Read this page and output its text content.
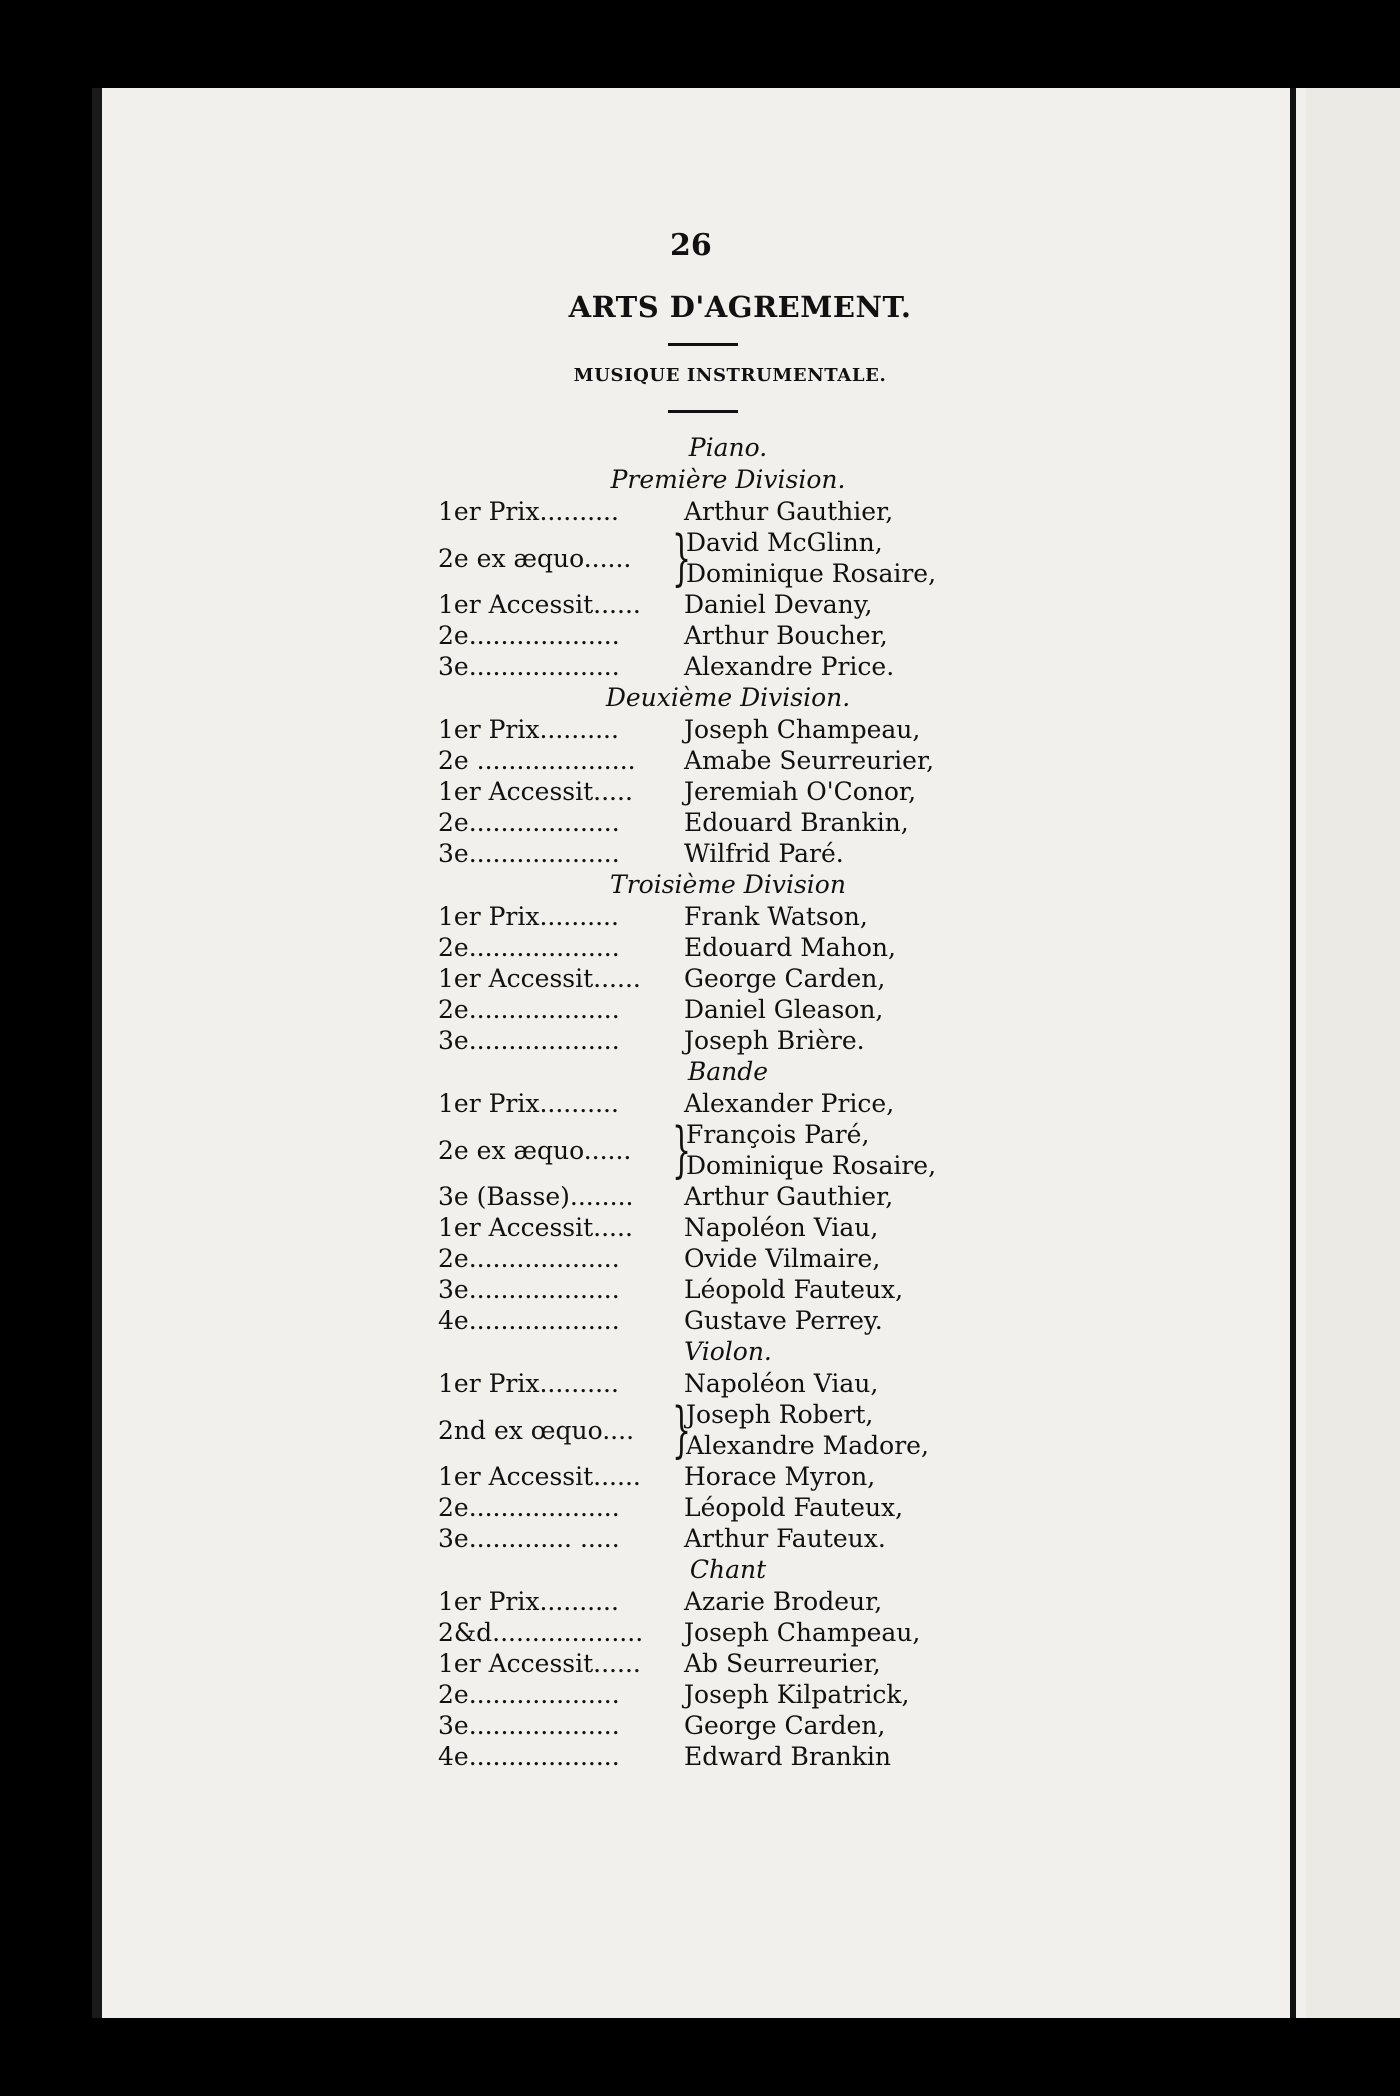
26
ARTS D'AGREMENT.
MUSIQUE INSTRUMENTALE.
Piano.
Première Division.
1er Prix..........	Arthur Gauthier,
2e ex æquo...... }
David McGlinn,
Dominique Rosaire,
1er Accessit......	Daniel Devany,
2e...................	Arthur Boucher,
3e...................	Alexandre Price.
Deuxième Division.
1er Prix..........	Joseph Champeau,
2e ....................	Amabe Seurreurier,
1er Accessit.....	Jeremiah O'Conor,
2e...................	Edouard Brankin,
3e...................	Wilfrid Paré.
Troisième Division
1er Prix..........	Frank Watson,
2e...................	Edouard Mahon,
1er Accessit......	George Carden,
2e...................	Daniel Gleason,
3e...................	Joseph Brière.
Bande
1er Prix..........	Alexander Price,
2e ex æquo...... }
François Paré,
Dominique Rosaire,
3e (Basse)........	Arthur Gauthier,
1er Accessit.....	Napoléon Viau,
2e...................	Ovide Vilmaire,
3e...................	Léopold Fauteux,
4e...................	Gustave Perrey.
Violon.
1er Prix..........	Napoléon Viau,
2nd ex œquo.... }
Joseph Robert,
Alexandre Madore,
1er Accessit......	Horace Myron,
2e...................	Léopold Fauteux,
3e............. .....	Arthur Fauteux.
Chant
1er Prix..........	Azarie Brodeur,
2&d...................	Joseph Champeau,
1er Accessit......	Ab Seurreurier,
2e...................	Joseph Kilpatrick,
3e...................	George Carden,
4e...................	Edward Brankin
